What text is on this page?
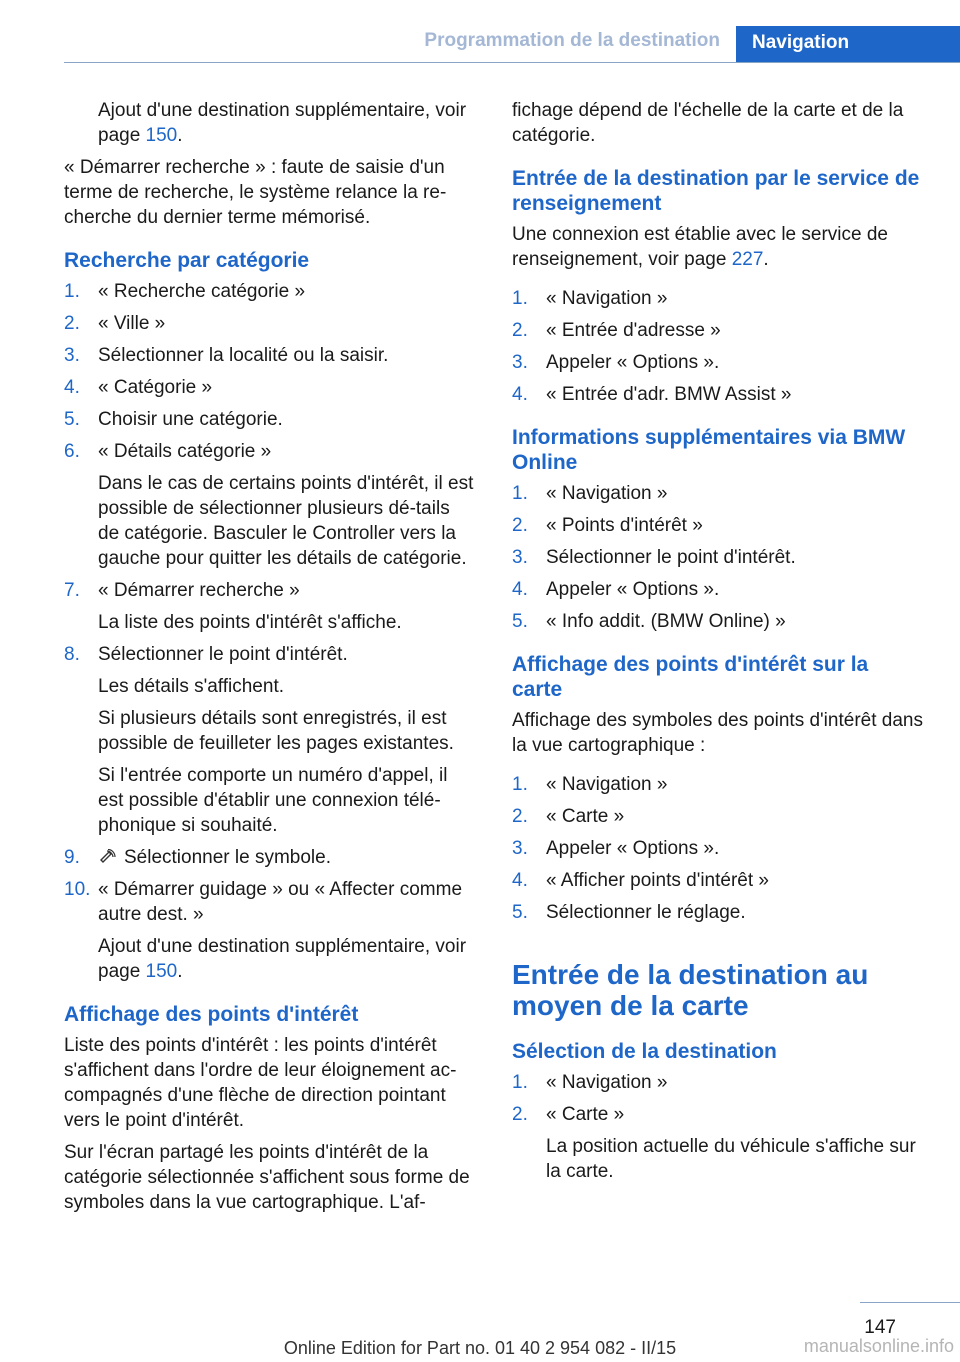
Programmation de la destination	Navigation

Ajout d'une destination supplémentaire, voir page 150.

« Démarrer recherche » : faute de saisie d'un terme de recherche, le système relance la re-cherche du dernier terme mémorisé.

Recherche par catégorie
1. « Recherche catégorie »
2. « Ville »
3. Sélectionner la localité ou la saisir.
4. « Catégorie »
5. Choisir une catégorie.
6. « Détails catégorie »
Dans le cas de certains points d'intérêt, il est possible de sélectionner plusieurs dé-tails de catégorie. Basculer le Controller vers la gauche pour quitter les détails de catégorie.
7. « Démarrer recherche »
La liste des points d'intérêt s'affiche.
8. Sélectionner le point d'intérêt.
Les détails s'affichent.
Si plusieurs détails sont enregistrés, il est possible de feuilleter les pages existantes.
Si l'entrée comporte un numéro d'appel, il est possible d'établir une connexion télé-phonique si souhaité.
9. Sélectionner le symbole.
10. « Démarrer guidage » ou « Affecter comme autre dest. »
Ajout d'une destination supplémentaire, voir page 150.
Affichage des points d'intérêt

Liste des points d'intérêt : les points d'intérêt s'affichent dans l'ordre de leur éloignement ac-compagnés d'une flèche de direction pointant vers le point d'intérêt.

Sur l'écran partagé les points d'intérêt de la catégorie sélectionnée s'affichent sous forme de symboles dans la vue cartographique. L'af-

fichage dépend de l'échelle de la carte et de la catégorie.

Entrée de la destination par le service de renseignement

Une connexion est établie avec le service de renseignement, voir page 227.

1. « Navigation »
2. « Entrée d'adresse »
3. Appeler « Options ».
4. « Entrée d'adr. BMW Assist »
Informations supplémentaires via BMW Online
1. « Navigation »
2. « Points d'intérêt »
3. Sélectionner le point d'intérêt.
4. Appeler « Options ».
5. « Info addit. (BMW Online) »
Affichage des points d'intérêt sur la carte

Affichage des symboles des points d'intérêt dans la vue cartographique :

1. « Navigation »
2. « Carte »
3. Appeler « Options ».
4. « Afficher points d'intérêt »
5. Sélectionner le réglage.
Entrée de la destination au moyen de la carte
Sélection de la destination
1. « Navigation »
2. « Carte »
La position actuelle du véhicule s'affiche sur la carte.
147
Online Edition for Part no. 01 40 2 954 082 - II/15	manualsonline.info
